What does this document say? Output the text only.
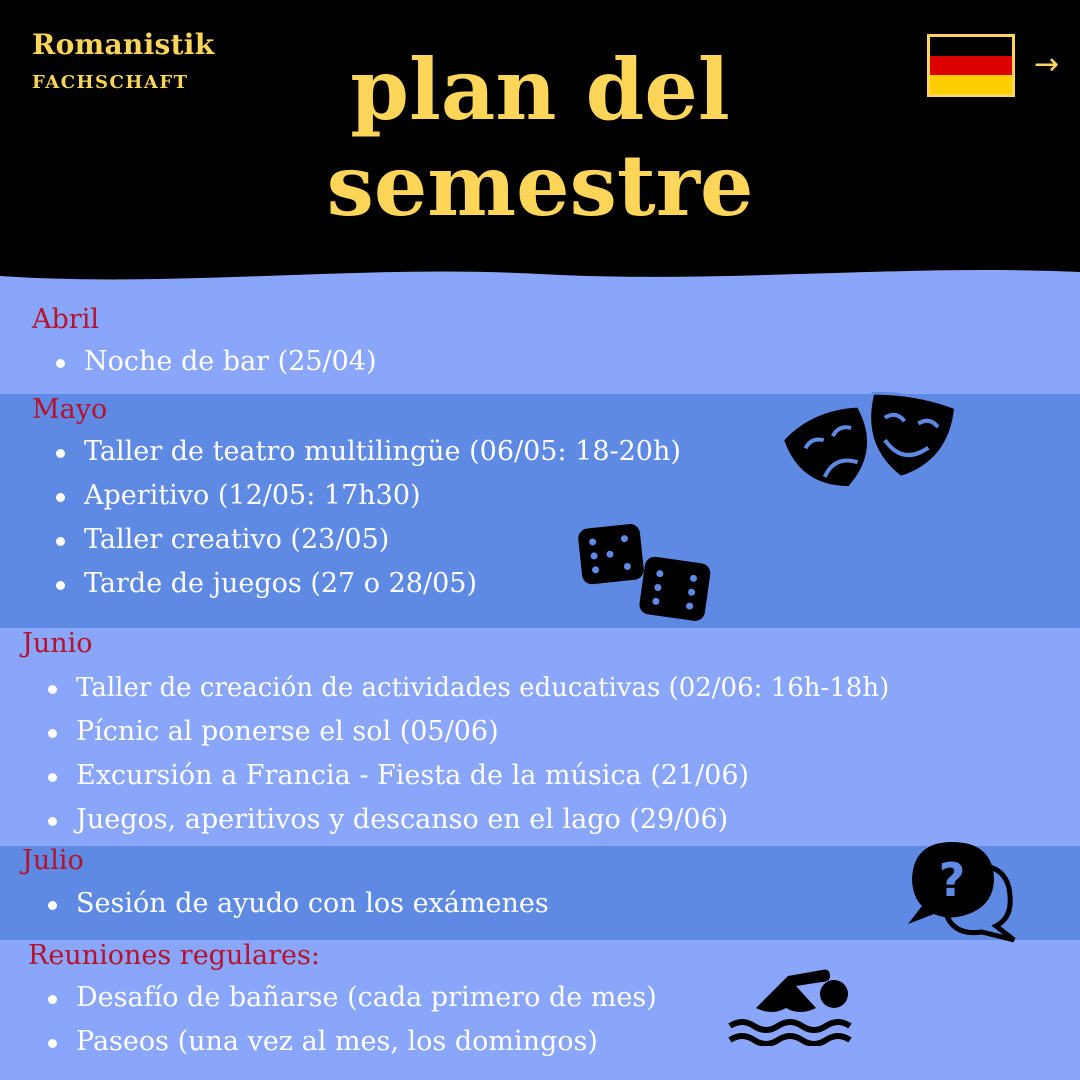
Romanistik
FACHSCHAFT	plan del
semestre
→
Abril
Noche de bar (25/04)
Mayo
Taller de teatro multilingüe (06/05: 18-20h)
Aperitivo (12/05: 17h30)
Taller creativo (23/05)
Tarde de juegos (27 o 28/05)
Junio
Taller de creación de actividades educativas (02/06: 16h-18h)
Pícnic al ponerse el sol (05/06)
Excursión a Francia - Fiesta de la música (21/06)
Juegos, aperitivos y descanso en el lago (29/06)
Julio
Sesión de ayudo con los exámenes
Reuniones regulares:
Desafío de bañarse (cada primero de mes)
Paseos (una vez al mes, los domingos)
?
